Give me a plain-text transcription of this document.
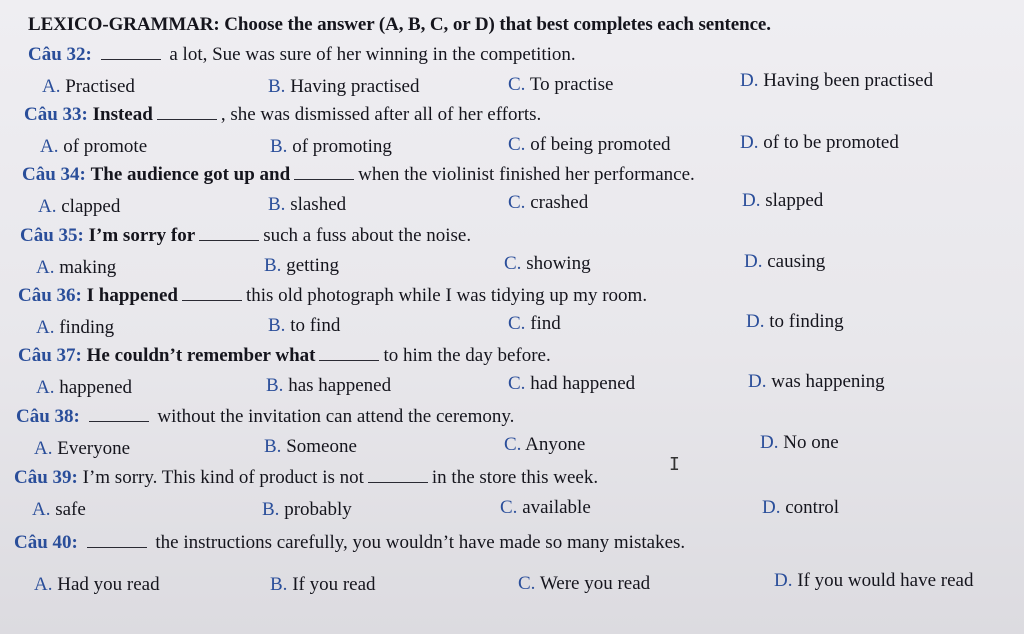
LEXICO-GRAMMAR: Choose the answer (A, B, C, or D) that best completes each sentence.
Câu 32:	a lot, Sue was sure of her winning in the competition.
A. Practised	B. Having practised	C. To practise	D. Having been practised
Câu 33: Instead	, she was dismissed after all of her efforts.
A. of promote	B. of promoting	C. of being promoted	D. of to be promoted
Câu 34: The audience got up and	when the violinist finished her performance.
A. clapped	B. slashed	C. crashed	D. slapped
Câu 35: I’m sorry for	such a fuss about the noise.
A. making	B. getting	C. showing	D. causing
Câu 36: I happened	this old photograph while I was tidying up my room.
A. finding	B. to find	C. find	D. to finding
Câu 37: He couldn’t remember what	to him the day before.
A. happened	B. has happened	C. had happened	D. was happening
Câu 38:	without the invitation can attend the ceremony.
A. Everyone	B. Someone	C. Anyone	D. No one
Câu 39: I’m sorry. This kind of product is not	in the store this week.
A. safe	B. probably	C. available	D. control
Câu 40:	the instructions carefully, you wouldn’t have made so many mistakes.
A. Had you read	B. If you read	C. Were you read	D. If you would have read
I
